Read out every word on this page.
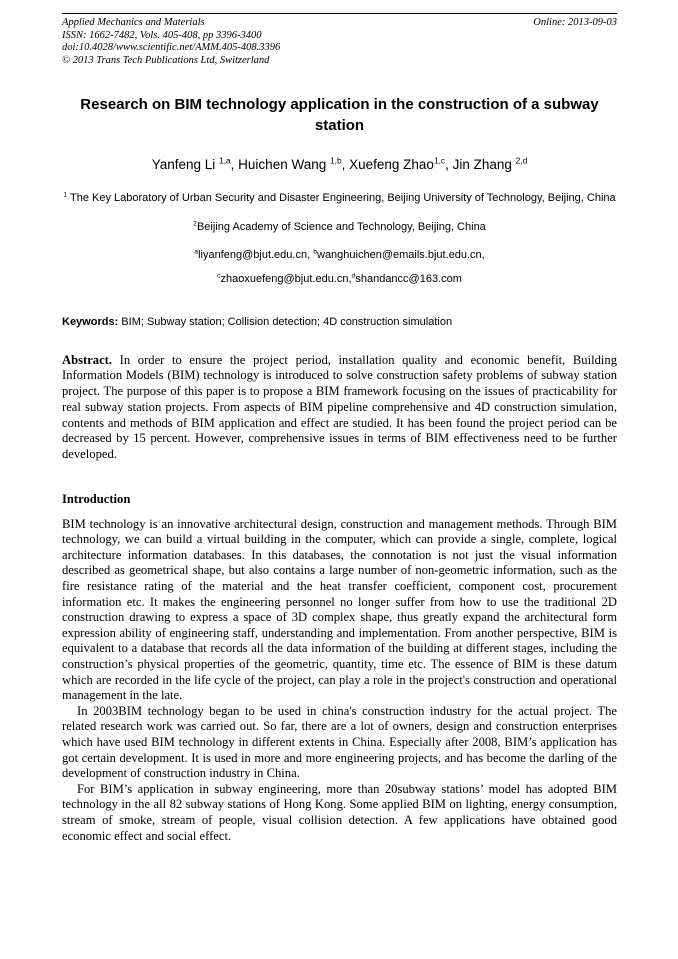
Applied Mechanics and Materials
ISSN: 1662-7482, Vols. 405-408, pp 3396-3400
doi:10.4028/www.scientific.net/AMM.405-408.3396
© 2013 Trans Tech Publications Ltd, Switzerland
Online: 2013-09-03
Research on BIM technology application in the construction of a subway station
Yanfeng Li $^{1,a}$, Huichen Wang $^{1,b}$, Xuefeng Zhao$^{1,c}$, Jin Zhang $^{2,d}$
$^1$ The Key Laboratory of Urban Security and Disaster Engineering, Beijing University of Technology, Beijing, China
$^2$Beijing Academy of Science and Technology, Beijing, China
$^a$liyanfeng@bjut.edu.cn, $^b$wanghuichen@emails.bjut.edu.cn,
$^c$zhaoxuefeng@bjut.edu.cn,$^d$shandancc@163.com
Keywords: BIM; Subway station; Collision detection; 4D construction simulation

Abstract. In order to ensure the project period, installation quality and economic benefit, Building Information Models (BIM) technology is introduced to solve construction safety problems of subway station project. The purpose of this paper is to propose a BIM framework focusing on the issues of practicability for real subway station projects. From aspects of BIM pipeline comprehensive and 4D construction simulation, contents and methods of BIM application and effect are studied. It has been found the project period can be decreased by 15 percent. However, comprehensive issues in terms of BIM effectiveness need to be further developed.

Introduction

BIM technology is an innovative architectural design, construction and management methods. Through BIM technology, we can build a virtual building in the computer, which can provide a single, complete, logical architecture information databases. In this databases, the connotation is not just the visual information described as geometrical shape, but also contains a large number of non-geometric information, such as the fire resistance rating of the material and the heat transfer coefficient, component cost, procurement information etc. It makes the engineering personnel no longer suffer from how to use the traditional 2D construction drawing to express a space of 3D complex shape, thus greatly expand the architectural form expression ability of engineering staff, understanding and implementation. From another perspective, BIM is equivalent to a database that records all the data information of the building at different stages, including the construction’s physical properties of the geometric, quantity, time etc. The essence of BIM is these datum which are recorded in the life cycle of the project, can play a role in the project's construction and operational management in the late.

In 2003BIM technology began to be used in china's construction industry for the actual project. The related research work was carried out. So far, there are a lot of owners, design and construction enterprises which have used BIM technology in different extents in China. Especially after 2008, BIM’s application has got certain development. It is used in more and more engineering projects, and has become the darling of the development of construction industry in China.

For BIM’s application in subway engineering, more than 20subway stations’ model has adopted BIM technology in the all 82 subway stations of Hong Kong. Some applied BIM on lighting, energy consumption, stream of smoke, stream of people, visual collision detection. A few applications have obtained good economic effect and social effect.
